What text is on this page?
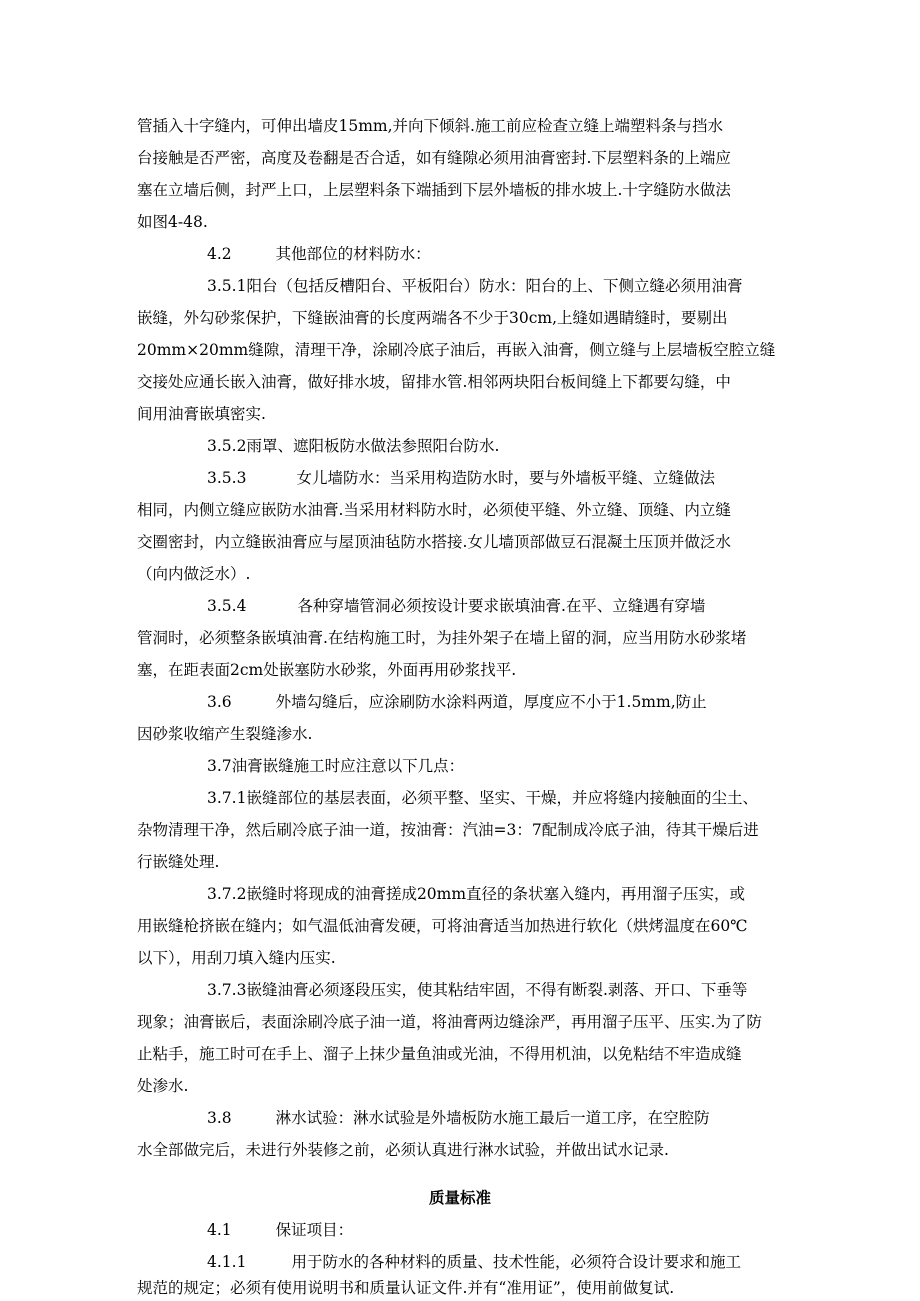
管插入十字缝内，可伸出墙皮15mm,并向下倾斜.施工前应检查立缝上端塑料条与挡水

台接触是否严密，高度及卷翻是否合适，如有缝隙必须用油膏密封.下层塑料条的上端应

塞在立墙后侧，封严上口，上层塑料条下端插到下层外墙板的排水坡上.十字缝防水做法

如图4-48.

4.2	其他部位的材料防水：

3.5.1阳台（包括反槽阳台、平板阳台）防水：阳台的上、下侧立缝必须用油膏

嵌缝，外勾砂浆保护，下缝嵌油膏的长度两端各不少于30cm,上缝如遇睛缝时，要剔出

20mm×20mm缝隙，清理干净，涂刷冷底子油后，再嵌入油膏，侧立缝与上层墙板空腔立缝

交接处应通长嵌入油膏，做好排水坡，留排水管.相邻两块阳台板间缝上下都要勾缝，中

间用油膏嵌填密实.

3.5.2雨罩、遮阳板防水做法参照阳台防水.

3.5.3	女儿墙防水：当采用构造防水时，要与外墙板平缝、立缝做法

相同，内侧立缝应嵌防水油膏.当采用材料防水时，必须使平缝、外立缝、顶缝、内立缝

交圈密封，内立缝嵌油膏应与屋顶油毡防水搭接.女儿墙顶部做豆石混凝土压顶并做泛水

（向内做泛水）.

3.5.4	各种穿墙管洞必须按设计要求嵌填油膏.在平、立缝遇有穿墙

管洞时，必须整条嵌填油膏.在结构施工时，为挂外架子在墙上留的洞，应当用防水砂浆堵

塞，在距表面2cm处嵌塞防水砂浆，外面再用砂浆找平.

3.6	外墙勾缝后，应涂刷防水涂料两道，厚度应不小于1.5mm,防止

因砂浆收缩产生裂缝渗水.

3.7油膏嵌缝施工时应注意以下几点：

3.7.1嵌缝部位的基层表面，必须平整、坚实、干燥，并应将缝内接触面的尘土、

杂物清理干净，然后刷冷底子油一道，按油膏：汽油=3：7配制成冷底子油，待其干燥后进

行嵌缝处理.

3.7.2嵌缝时将现成的油膏搓成20mm直径的条状塞入缝内，再用溜子压实，或

用嵌缝枪挤嵌在缝内；如气温低油膏发硬，可将油膏适当加热进行软化（烘烤温度在60℃

以下），用刮刀填入缝内压实.

3.7.3嵌缝油膏必须逐段压实，使其粘结牢固，不得有断裂.剥落、开口、下垂等

现象；油膏嵌后，表面涂刷冷底子油一道，将油膏两边缝涂严，再用溜子压平、压实.为了防

止粘手，施工时可在手上、溜子上抹少量鱼油或光油，不得用机油，以免粘结不牢造成缝

处渗水.

3.8	淋水试验：淋水试验是外墙板防水施工最后一道工序，在空腔防

水全部做完后，未进行外装修之前，必须认真进行淋水试验，并做出试水记录.

质量标准

4.1	保证项目：

4.1.1	用于防水的各种材料的质量、技术性能，必须符合设计要求和施工

规范的规定；必须有使用说明书和质量认证文件.并有“准用证”，使用前做复试.
